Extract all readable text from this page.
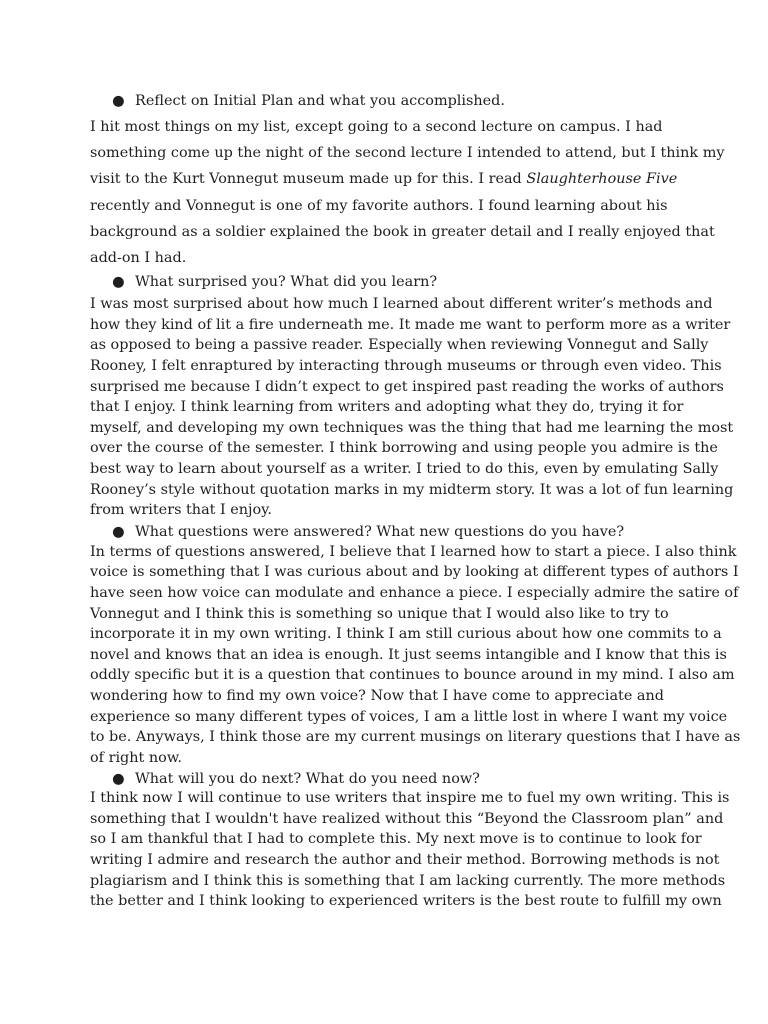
● Reflect on Initial Plan and what you accomplished.
I hit most things on my list, except going to a second lecture on campus. I had
something come up the night of the second lecture I intended to attend, but I think my
visit to the Kurt Vonnegut museum made up for this. I read Slaughterhouse Five
recently and Vonnegut is one of my favorite authors. I found learning about his
background as a soldier explained the book in greater detail and I really enjoyed that
add-on I had.
● What surprised you? What did you learn?
I was most surprised about how much I learned about different writer’s methods and
how they kind of lit a fire underneath me. It made me want to perform more as a writer
as opposed to being a passive reader. Especially when reviewing Vonnegut and Sally
Rooney, I felt enraptured by interacting through museums or through even video. This
surprised me because I didn’t expect to get inspired past reading the works of authors
that I enjoy. I think learning from writers and adopting what they do, trying it for
myself, and developing my own techniques was the thing that had me learning the most
over the course of the semester. I think borrowing and using people you admire is the
best way to learn about yourself as a writer. I tried to do this, even by emulating Sally
Rooney’s style without quotation marks in my midterm story. It was a lot of fun learning
from writers that I enjoy.
● What questions were answered? What new questions do you have?
In terms of questions answered, I believe that I learned how to start a piece. I also think
voice is something that I was curious about and by looking at different types of authors I
have seen how voice can modulate and enhance a piece. I especially admire the satire of
Vonnegut and I think this is something so unique that I would also like to try to
incorporate it in my own writing. I think I am still curious about how one commits to a
novel and knows that an idea is enough. It just seems intangible and I know that this is
oddly specific but it is a question that continues to bounce around in my mind. I also am
wondering how to find my own voice? Now that I have come to appreciate and
experience so many different types of voices, I am a little lost in where I want my voice
to be. Anyways, I think those are my current musings on literary questions that I have as
of right now.
● What will you do next? What do you need now?
I think now I will continue to use writers that inspire me to fuel my own writing. This is
something that I wouldn't have realized without this “Beyond the Classroom plan” and
so I am thankful that I had to complete this. My next move is to continue to look for
writing I admire and research the author and their method. Borrowing methods is not
plagiarism and I think this is something that I am lacking currently. The more methods
the better and I think looking to experienced writers is the best route to fulfill my own
